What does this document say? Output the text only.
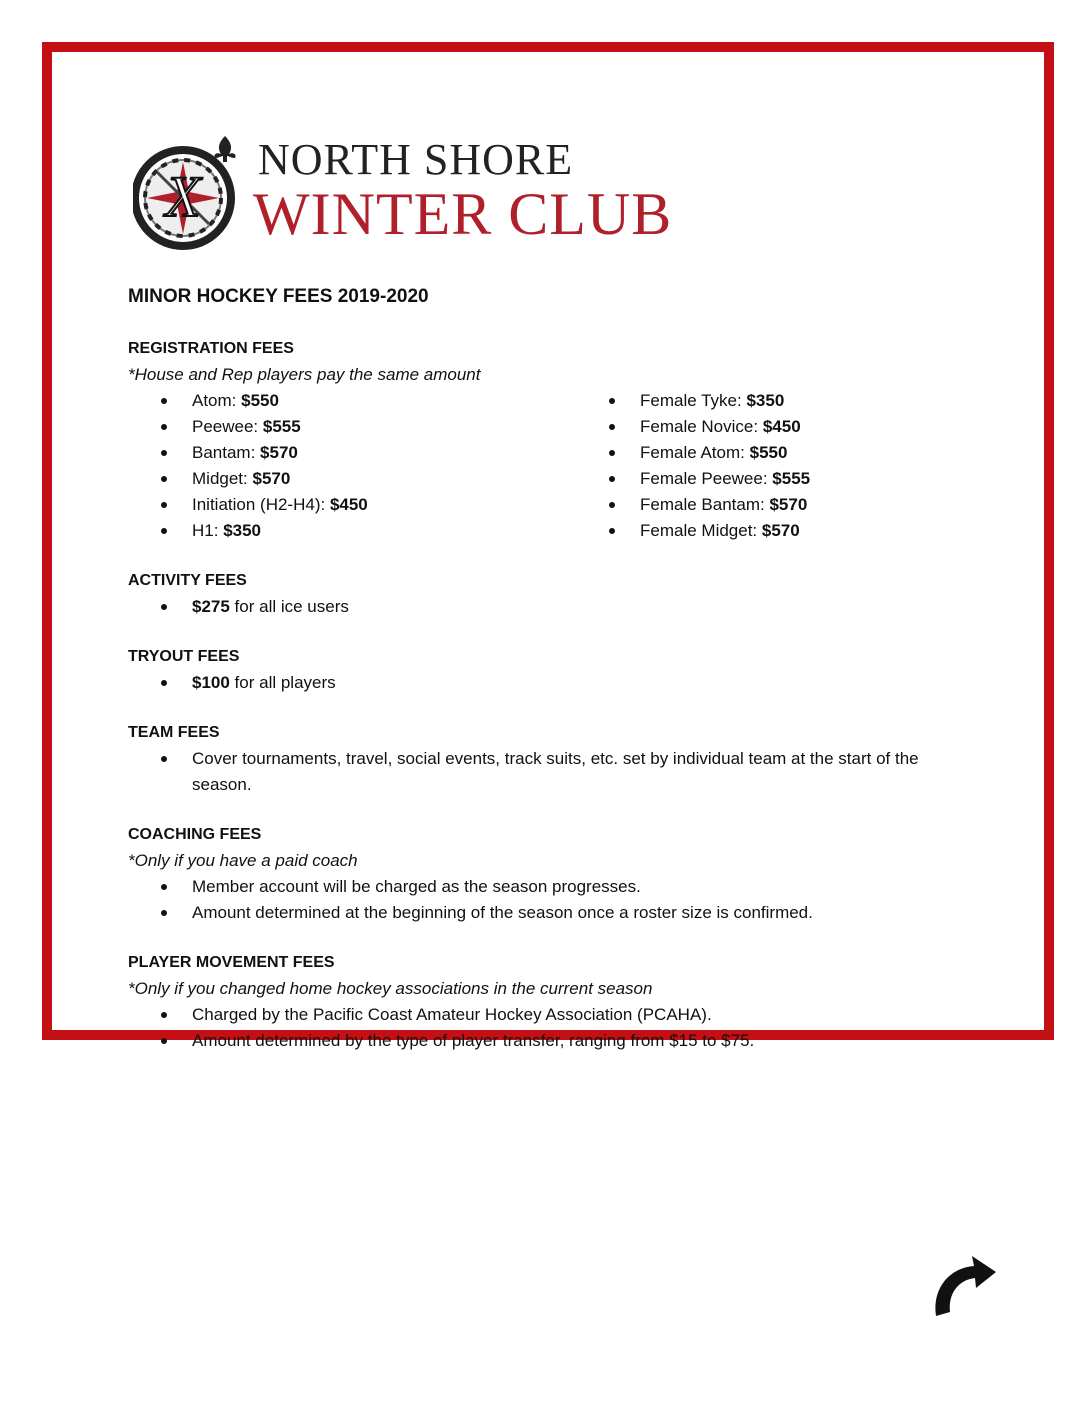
X
NORTH SHORE
WINTER CLUB
MINOR HOCKEY FEES 2019-2020
REGISTRATION FEES
*House and Rep players pay the same amount
Atom: $550
Peewee: $555
Bantam: $570
Midget: $570
Initiation (H2-H4): $450
H1: $350
Female Tyke: $350
Female Novice: $450
Female Atom: $550
Female Peewee: $555
Female Bantam: $570
Female Midget: $570
ACTIVITY FEES
$275 for all ice users
TRYOUT FEES
$100 for all players
TEAM FEES
Cover tournaments, travel, social events, track suits, etc. set by individual team at the start of the season.
COACHING FEES
*Only if you have a paid coach
Member account will be charged as the season progresses.
Amount determined at the beginning of the season once a roster size is confirmed.
PLAYER MOVEMENT FEES
*Only if you changed home hockey associations in the current season
Charged by the Pacific Coast Amateur Hockey Association (PCAHA).
Amount determined by the type of player transfer, ranging from $15 to $75.
